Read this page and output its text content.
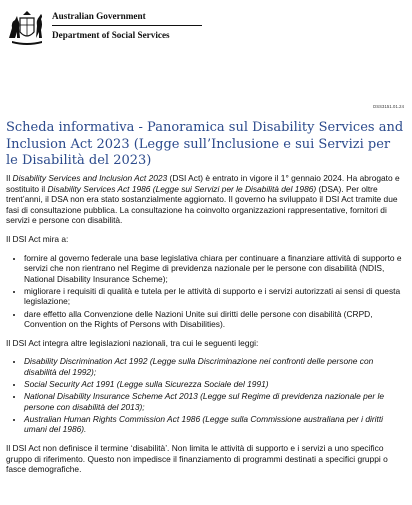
Australian Government
Department of Social Services
DSS3151.01.24
Scheda informativa - Panoramica sul Disability Services and Inclusion Act 2023 (Legge sull’Inclusione e sui Servizi per le Disabilità del 2023)

Il Disability Services and Inclusion Act 2023 (DSI Act) è entrato in vigore il 1° gennaio 2024. Ha abrogato e sostituito il Disability Services Act 1986 (Legge sui Servizi per le Disabilità del 1986) (DSA). Per oltre trent’anni, il DSA non era stato sostanzialmente aggiornato. Il governo ha sviluppato il DSI Act tramite due fasi di consultazione pubblica. La consultazione ha coinvolto organizzazioni rappresentative, fornitori di servizi e persone con disabilità.

Il DSI Act mira a:

• fornire al governo federale una base legislativa chiara per continuare a finanziare attività di supporto e servizi che non rientrano nel Regime di previdenza nazionale per le persone con disabilità (NDIS, National Disability Insurance Scheme);
• migliorare i requisiti di qualità e tutela per le attività di supporto e i servizi autorizzati ai sensi di questa legislazione;
• dare effetto alla Convenzione delle Nazioni Unite sui diritti delle persone con disabilità (CRPD, Convention on the Rights of Persons with Disabilities).

Il DSI Act integra altre legislazioni nazionali, tra cui le seguenti leggi:

• Disability Discrimination Act 1992 (Legge sulla Discriminazione nei confronti delle persone con disabilità del 1992);
• Social Security Act 1991 (Legge sulla Sicurezza Sociale del 1991)
• National Disability Insurance Scheme Act 2013 (Legge sul Regime di previdenza nazionale per le persone con disabilità del 2013);
• Australian Human Rights Commission Act 1986 (Legge sulla Commissione australiana per i diritti umani del 1986).

Il DSI Act non definisce il termine ‘disabilità’. Non limita le attività di supporto e i servizi a uno specifico gruppo di riferimento. Questo non impedisce il finanziamento di programmi destinati a specifici gruppi o fasce demografiche.
